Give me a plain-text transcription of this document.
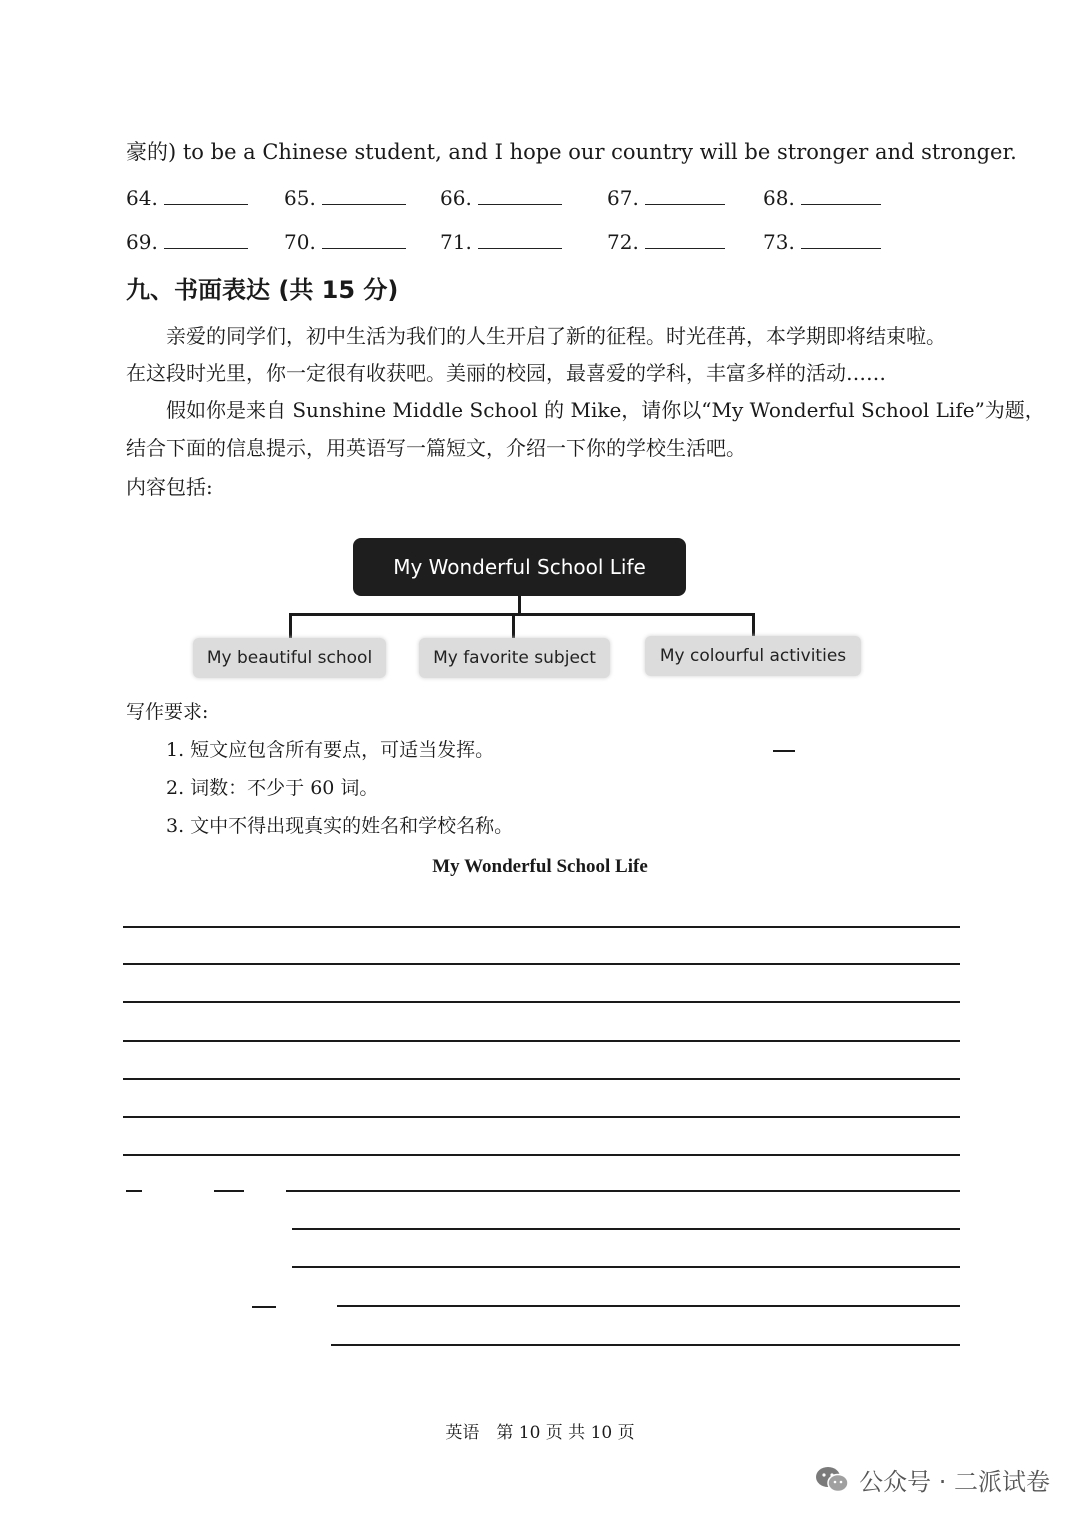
豪的) to be a Chinese student, and I hope our country will be stronger and stronger.
64.	65.	66.	67.	68.
69.	70.	71.	72.	73.
九、书面表达 (共 15 分)
亲爱的同学们，初中生活为我们的人生开启了新的征程。时光荏苒，本学期即将结束啦。
在这段时光里，你一定很有收获吧。美丽的校园，最喜爱的学科，丰富多样的活动……
假如你是来自 Sunshine Middle School 的 Mike，请你以“My Wonderful School Life”为题，
结合下面的信息提示，用英语写一篇短文，介绍一下你的学校生活吧。
内容包括:
My Wonderful School Life
My beautiful school	My favorite subject	My colourful activities
写作要求:
1. 短文应包含所有要点，可适当发挥。
2. 词数：不少于 60 词。
3. 文中不得出现真实的姓名和学校名称。
My Wonderful School Life
英语　第 10 页 共 10 页
公众号 · 二派试卷
